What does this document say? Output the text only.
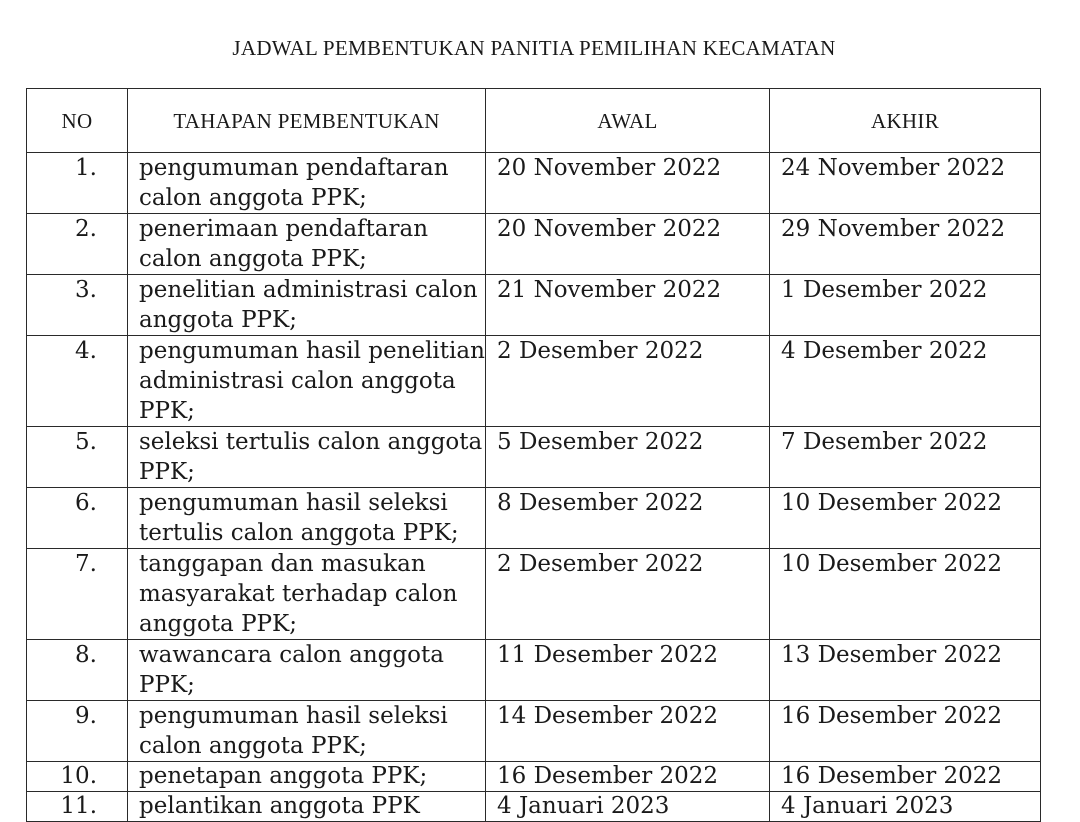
JADWAL PEMBENTUKAN PANITIA PEMILIHAN KECAMATAN
NO	TAHAPAN PEMBENTUKAN	AWAL	AKHIR
1.	pengumuman pendaftaran calon anggota PPK;	20 November 2022	24 November 2022
2.	penerimaan pendaftaran calon anggota PPK;	20 November 2022	29 November 2022
3.	penelitian administrasi calon anggota PPK;	21 November 2022	1 Desember 2022
4.	pengumuman hasil penelitian administrasi calon anggota PPK;	2 Desember 2022	4 Desember 2022
5.	seleksi tertulis calon anggota PPK;	5 Desember 2022	7 Desember 2022
6.	pengumuman hasil seleksi tertulis calon anggota PPK;	8 Desember 2022	10 Desember 2022
7.	tanggapan dan masukan masyarakat terhadap calon anggota PPK;	2 Desember 2022	10 Desember 2022
8.	wawancara calon anggota PPK;	11 Desember 2022	13 Desember 2022
9.	pengumuman hasil seleksi calon anggota PPK;	14 Desember 2022	16 Desember 2022
10.	penetapan anggota PPK;	16 Desember 2022	16 Desember 2022
11.	pelantikan anggota PPK	4 Januari 2023	4 Januari 2023
